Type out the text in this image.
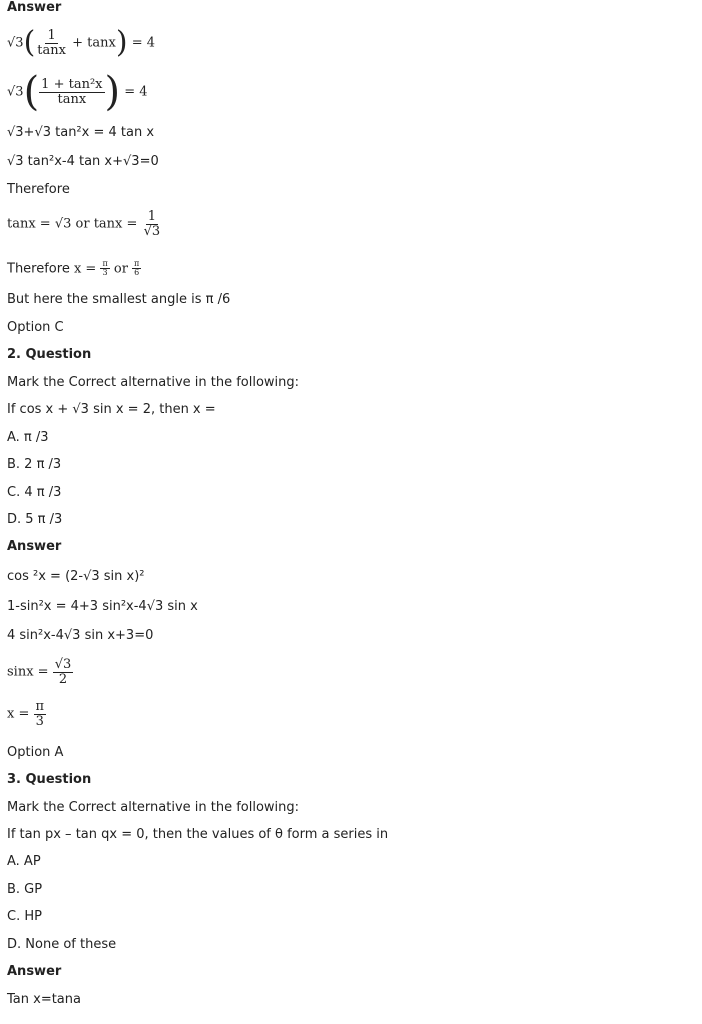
Answer
$√3( \frac{1}{\tan x} + \tan x) = 4$
$√3( \frac{\text{1 + tan²x}}{\tan x}$ ) = 4
√3+√3 tan²x = 4 tan x
√3 tan²x-4 tan x+√3=0
Therefore
tanx = √3 or $\tan x = \frac{1}{√3}$
Therefore $x = \frac{\pi}{3}$ or $\frac{\pi}{6}$
But here the smallest angle is π /6
Option C
2. Question
Mark the Correct alternative in the following:
If cos x + √3 sin x = 2, then x =
A. π /3
B. 2 π /3
C. 4 π /3
D. 5 π /3
Answer
cos ²x = (2-√3 sin x)²
1-sin²x = 4+3 sin²x-4√3 sin x
4 sin²x-4√3 sin x+3=0
$\sin x = \frac{√3}{2}$
$x = \frac{\pi}{3}$
Option A
3. Question
Mark the Correct alternative in the following:
If tan px – tan qx = 0, then the values of θ form a series in
A. AP
B. GP
C. HP
D. None of these
Answer
Tan x=tana
